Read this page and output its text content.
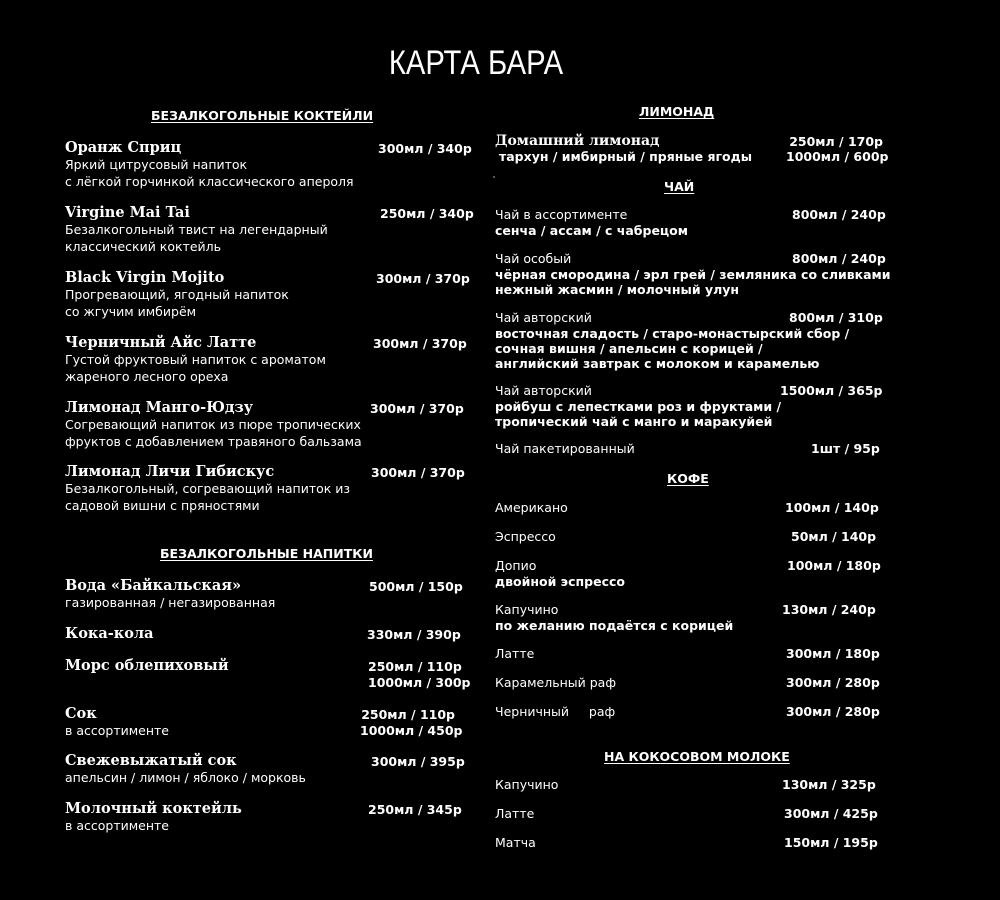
КАРТА БАРА
БЕЗАЛКОГОЛЬНЫЕ КОКТЕЙЛИ
Оранж Сприц
Яркий цитрусовый напиток
с лёгкой горчинкой классического апероля
300мл / 340р
Virgine Mai Tai
Безалкогольный твист на легендарный
классический коктейль
250мл / 340р
Black Virgin Mojito
Прогревающий, ягодный напиток
со жгучим имбирём
300мл / 370р
Черничный Айс Латте
Густой фруктовый напиток с ароматом
жареного лесного ореха
300мл / 370р
Лимонад Манго-Юдзу
Согревающий напиток из пюре тропических
фруктов с добавлением травяного бальзама
300мл / 370р
Лимонад Личи Гибискус
Безалкогольный, согревающий напиток из
садовой вишни с пряностями
300мл / 370р
БЕЗАЛКОГОЛЬНЫЕ НАПИТКИ
Вода «Байкальская»
газированная / негазированная
500мл / 150р
Кока-кола	330мл / 390р
Морс облепиховый	250мл / 110р
1000мл / 300р
Сок
в ассортименте
250мл / 110р
1000мл / 450р
Свежевыжатый сок
апельсин / лимон / яблоко / морковь
300мл / 395р
Молочный коктейль
в ассортименте
250мл / 345р
ЛИМОНАД
Домашний лимонад
тархун / имбирный / пряные ягоды
250мл / 170р
1000мл / 600р
ЧАЙ
Чай в ассортименте
сенча / ассам / с чабрецом
800мл / 240р
Чай особый
чёрная смородина / эрл грей / земляника со сливками
нежный жасмин / молочный улун
800мл / 240р
Чай авторский
восточная сладость / старо-монастырский сбор /
сочная вишня / апельсин с корицей /
английский завтрак с молоком и карамелью
800мл / 310р
Чай авторский
ройбуш с лепестками роз и фруктами /
тропический чай с манго и маракуйей
1500мл / 365р
Чай пакетированный	1шт / 95р
КОФЕ
Американо	100мл / 140р
Эспрессо	50мл / 140р
Допио
двойной эспрессо
100мл / 180р
Капучино
по желанию подаётся с корицей
130мл / 240р
Латте	300мл / 180р
Карамельный раф	300мл / 280р
Черничный     раф	300мл / 280р
НА КОКОСОВОМ МОЛОКЕ
Капучино	130мл / 325р
Латте	300мл / 425р
Матча	150мл / 195р
